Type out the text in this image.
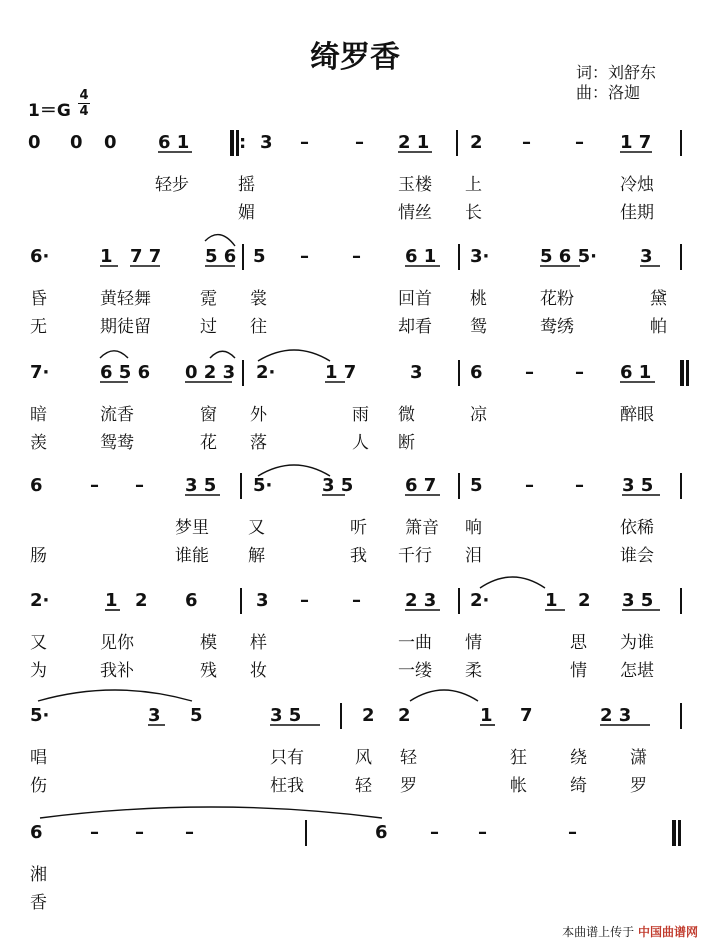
绮罗香	词：刘舒东
曲：洛迦
1＝G
4
4
0 0 0 6 1	: 3 –	– 2 1 2 – – 1 7
轻步	摇	玉楼 上	冷烛
媚	情丝 长	佳期
6·	1 7 7 5 6 5 – – 6 1 3·	5 6 5· 3
昏	黄轻舞	霓 裳	回首 桃	花粉	黛
无	期徒留	过 往	却看 鸳	鸯绣	帕
7·	6 5 6 0 2 3 2·	1 7	3	6 – – 6 1
暗	流香	窗 外	雨 微	凉	醉眼
羡	鸳鸯	花 落	人 断
6	– – 3 5 5·	3 5	6 7 5 – – 3 5
梦里 又	听 箫音 响	依稀
肠	谁能 解	我 千行 泪	谁会
2·	1 2 6	3 – – 2 3 2·	1 2 3 5
又	见你	模 样	一曲 情	思 为谁
为	我补	残 妆	一缕 柔	情 怎堪
5·	3 5	3 5	2 2	1 7	2 3
唱	只有	风 轻	狂	绕	潇
伤	枉我	轻 罗	帐	绮	罗
6	– – –	6 – –	–
湘
香
本曲谱上传于 中国曲谱网
